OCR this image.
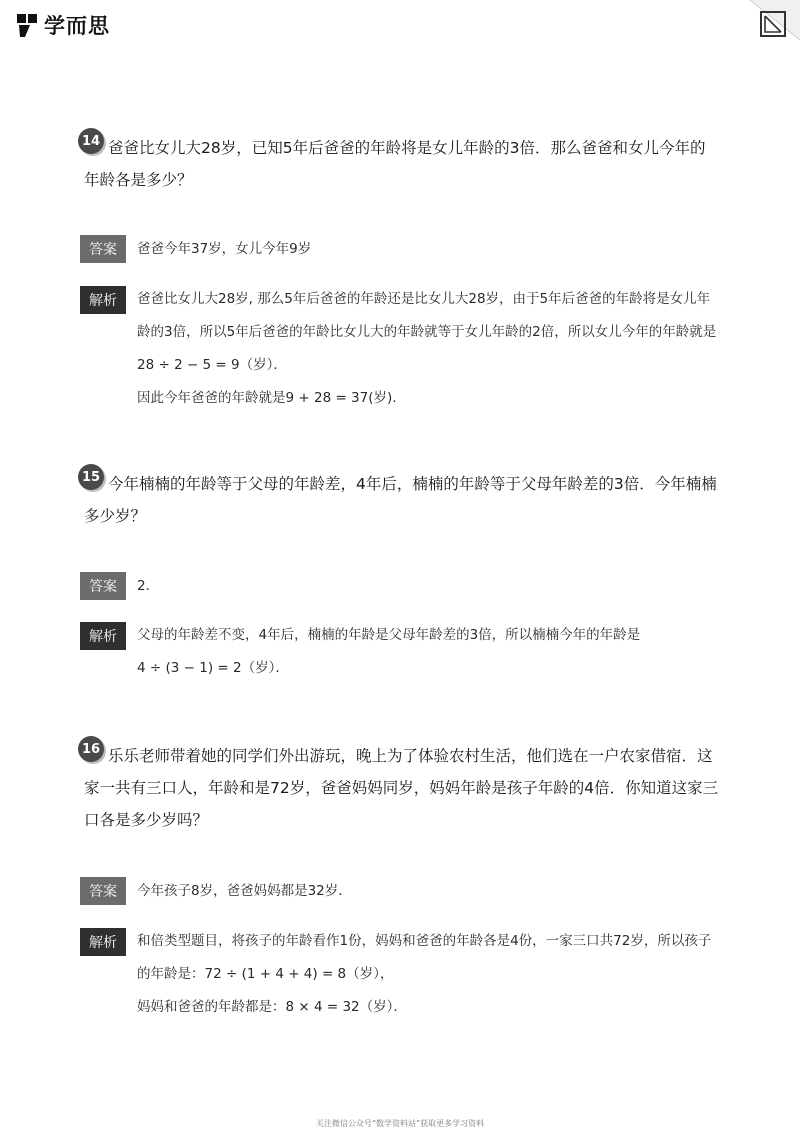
学而思
14 爸爸比女儿大28岁，已知5年后爸爸的年龄将是女儿年龄的3倍．那么爸爸和女儿今年的年龄各是多少？
答案	爸爸今年37岁，女儿今年9岁

解析	爸爸比女儿大28岁, 那么5年后爸爸的年龄还是比女儿大28岁，由于5年后爸爸的年龄将是女儿年龄的3倍，所以5年后爸爸的年龄比女儿大的年龄就等于女儿年龄的2倍，所以女儿今年的年龄就是28 ÷ 2 − 5 = 9（岁）．

因此今年爸爸的年龄就是9 + 28 = 37(岁)．

15 今年楠楠的年龄等于父母的年龄差，4年后，楠楠的年龄等于父母年龄差的3倍．今年楠楠多少岁？
答案	2．

解析	父母的年龄差不变，4年后，楠楠的年龄是父母年龄差的3倍，所以楠楠今年的年龄是

4 ÷ (3 − 1) = 2（岁）．

16 乐乐老师带着她的同学们外出游玩，晚上为了体验农村生活，他们选在一户农家借宿．这家一共有三口人，年龄和是72岁，爸爸妈妈同岁，妈妈年龄是孩子年龄的4倍．你知道这家三口各是多少岁吗？
答案	今年孩子8岁，爸爸妈妈都是32岁．

解析	和倍类型题目，将孩子的年龄看作1份，妈妈和爸爸的年龄各是4份，一家三口共72岁，所以孩子的年龄是：72 ÷ (1 + 4 + 4) = 8（岁），

妈妈和爸爸的年龄都是：8 × 4 = 32（岁）．

关注微信公众号“数学资料站”获取更多学习资料
